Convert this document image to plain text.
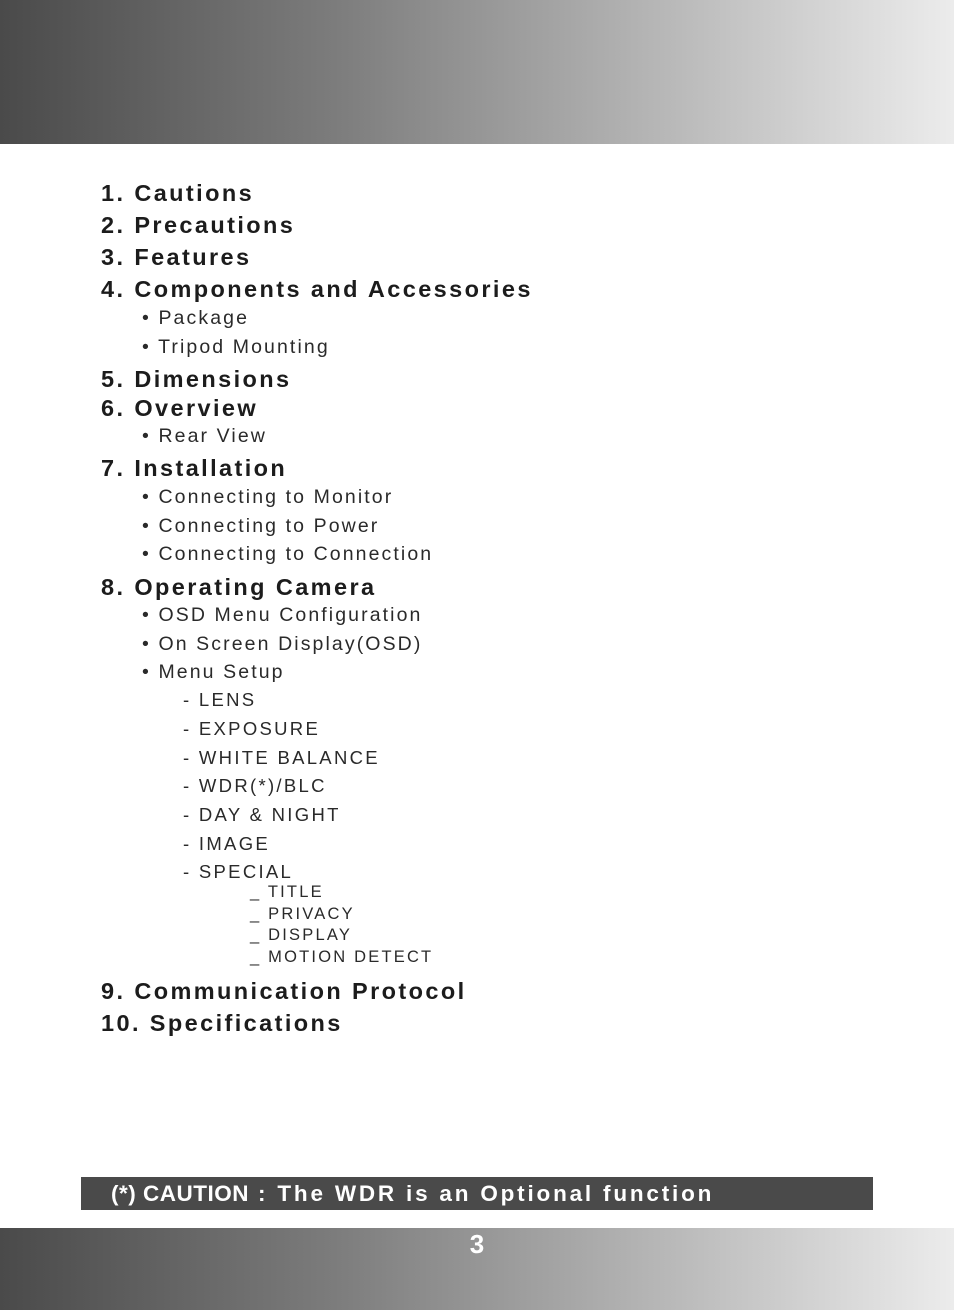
1. Cautions
2. Precautions
3. Features
4. Components and Accessories
• Package
• Tripod Mounting
5. Dimensions
6. Overview
• Rear View
7. Installation
• Connecting to Monitor
• Connecting to Power
• Connecting to Connection
8. Operating Camera
• OSD Menu Configuration
• On Screen Display(OSD)
• Menu Setup
- LENS
- EXPOSURE
- WHITE BALANCE
- WDR(*)/BLC
- DAY & NIGHT
- IMAGE
- SPECIAL
_ TITLE
_ PRIVACY
_ DISPLAY
_ MOTION DETECT
9. Communication Protocol
10. Specifications
(*) CAUTION : The WDR is an Optional function
3
